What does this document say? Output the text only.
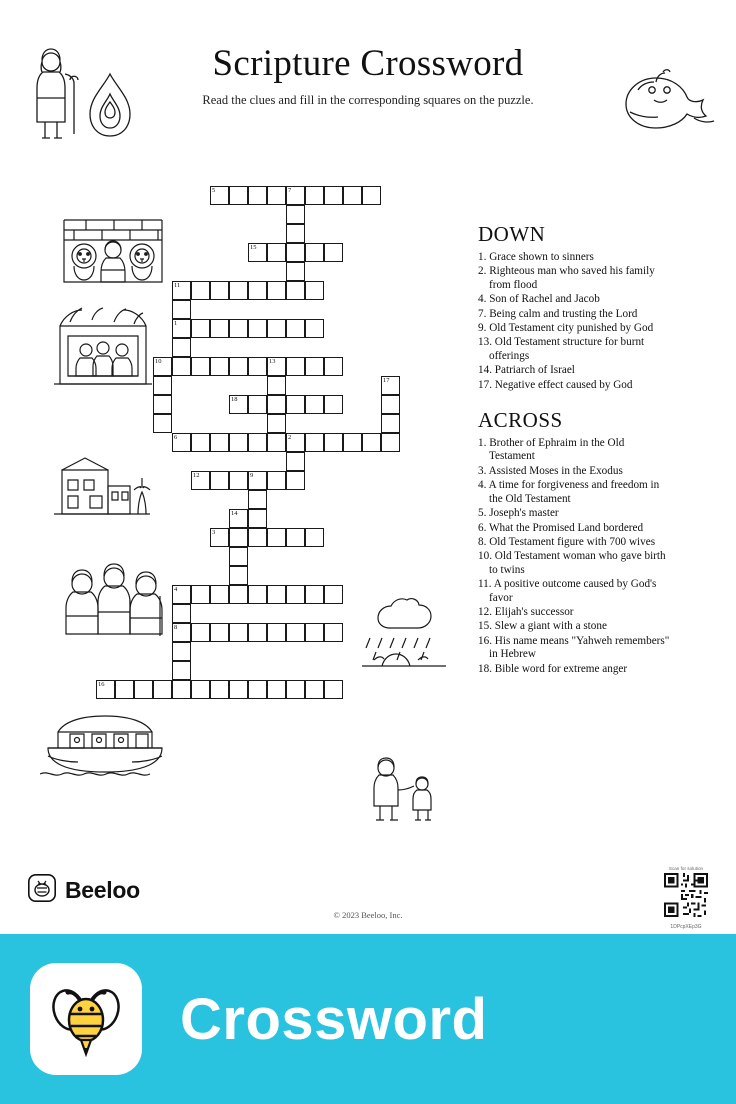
Scripture Crossword
Read the clues and fill in the corresponding squares on the puzzle.
5	7
15
11
1
10	13
17
18
6	2
12	9
14
3
4
8
16
DOWN
1. Grace shown to sinners
2. Righteous man who saved his family from flood
4. Son of Rachel and Jacob
7. Being calm and trusting the Lord
9. Old Testament city punished by God
13. Old Testament structure for burnt offerings
14. Patriarch of Israel
17. Negative effect caused by God
ACROSS
1. Brother of Ephraim in the Old Testament
3. Assisted Moses in the Exodus
4. A time for forgiveness and freedom in the Old Testament
5. Joseph's master
6. What the Promised Land bordered
8. Old Testament figure with 700 wives
10. Old Testament woman who gave birth to twins
11. A positive outcome caused by God's favor
12. Elijah's successor
15. Slew a giant with a stone
16. His name means "Yahweh remembers" in Hebrew
18. Bible word for extreme anger
Beeloo
© 2023 Beeloo, Inc.
Scan for solution
1DPcpXEp3G
Crossword
